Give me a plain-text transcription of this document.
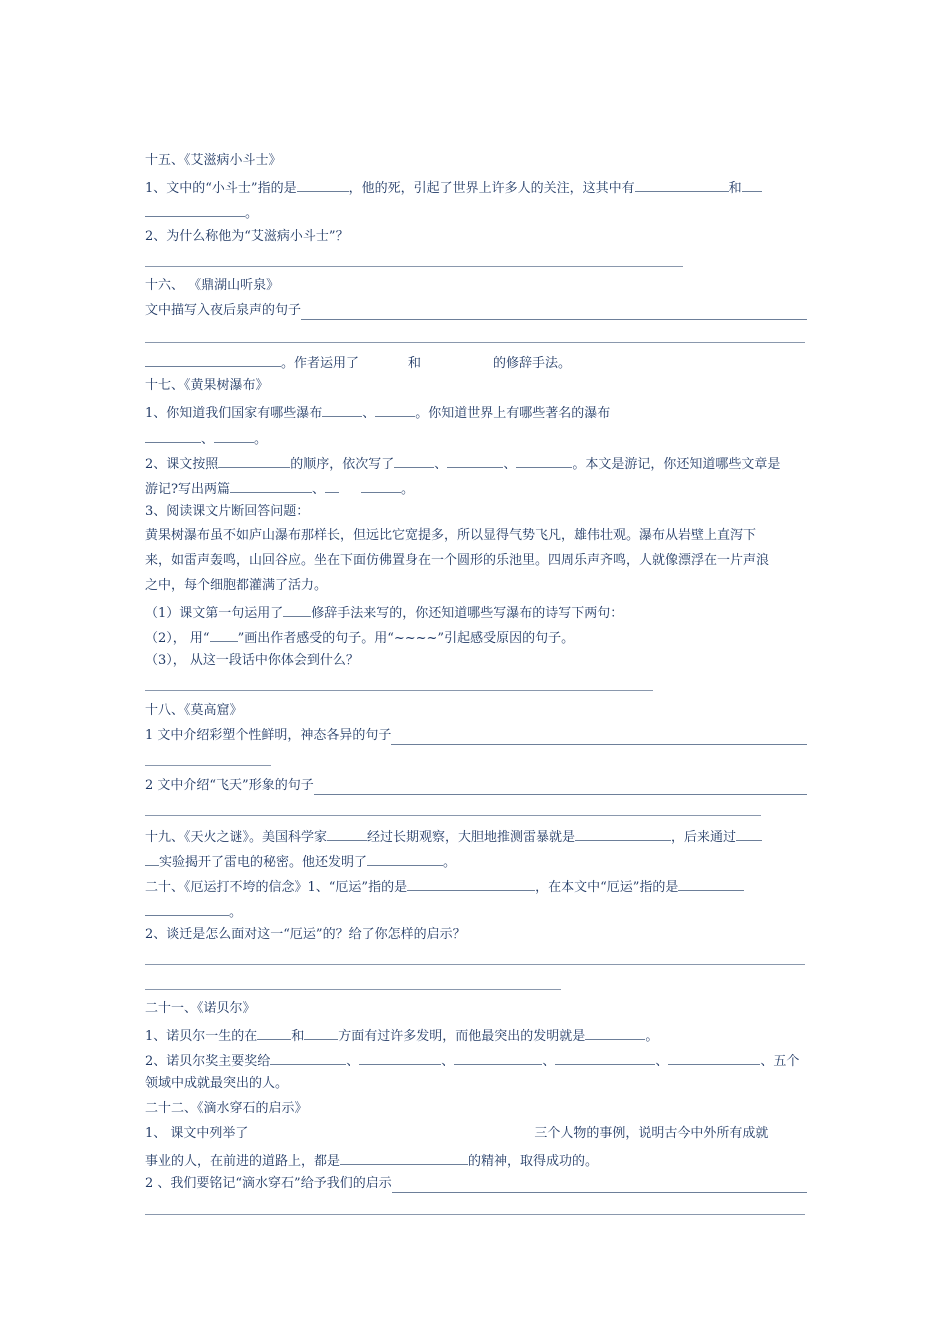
十五、《艾滋病小斗士》
1、文中的“小斗士”指的是	，他的死，引起了世界上许多人的关注，这其中有	和
。
2、为什么称他为“艾滋病小斗士”？
十六、 《鼎湖山听泉》
文中描写入夜后泉声的句子
。作者运用了	和	的修辞手法。
十七、《黄果树瀑布》
1、你知道我们国家有哪些瀑布	、	。你知道世界上有哪些著名的瀑布
、	。
2、课文按照	的顺序，依次写了	、	、	。本文是游记，你还知道哪些文章是
游记?写出两篇	、	。
3、阅读课文片断回答问题：
黄果树瀑布虽不如庐山瀑布那样长，但远比它宽提多，所以显得气势飞凡，雄伟壮观。瀑布从岩壁上直泻下
来，如雷声轰鸣，山回谷应。坐在下面仿佛置身在一个圆形的乐池里。四周乐声齐鸣，人就像漂浮在一片声浪
之中，每个细胞都灌满了活力。
（1）课文第一句运用了 修辞手法来写的，你还知道哪些写瀑布的诗写下两句：
（2）， 用“ ”画出作者感受的句子。用“~~~~”引起感受原因的句子。
（3）， 从这一段话中你体会到什么？
十八、《莫高窟》
1 文中介绍彩塑个性鲜明，神态各异的句子
2 文中介绍“飞天”形象的句子
十九、《天火之谜》。美国科学家	经过长期观察，大胆地推测雷暴就是	，后来通过
实验揭开了雷电的秘密。他还发明了	。
二十、《厄运打不垮的信念》1、“厄运”指的是	，在本文中“厄运”指的是
。
2、谈迁是怎么面对这一“厄运”的？给了你怎样的启示？
二十一、《诺贝尔》
1、诺贝尔一生的在	和	方面有过许多发明，而他最突出的发明就是	。
2、诺贝尔奖主要奖给	、	、	、	、	、五个
领域中成就最突出的人。
二十二、《滴水穿石的启示》
1、 课文中列举了	三个人物的事例，说明古今中外所有成就
事业的人，在前进的道路上，都是	的精神，取得成功的。
2 、我们要铭记“滴水穿石”给予我们的启示
